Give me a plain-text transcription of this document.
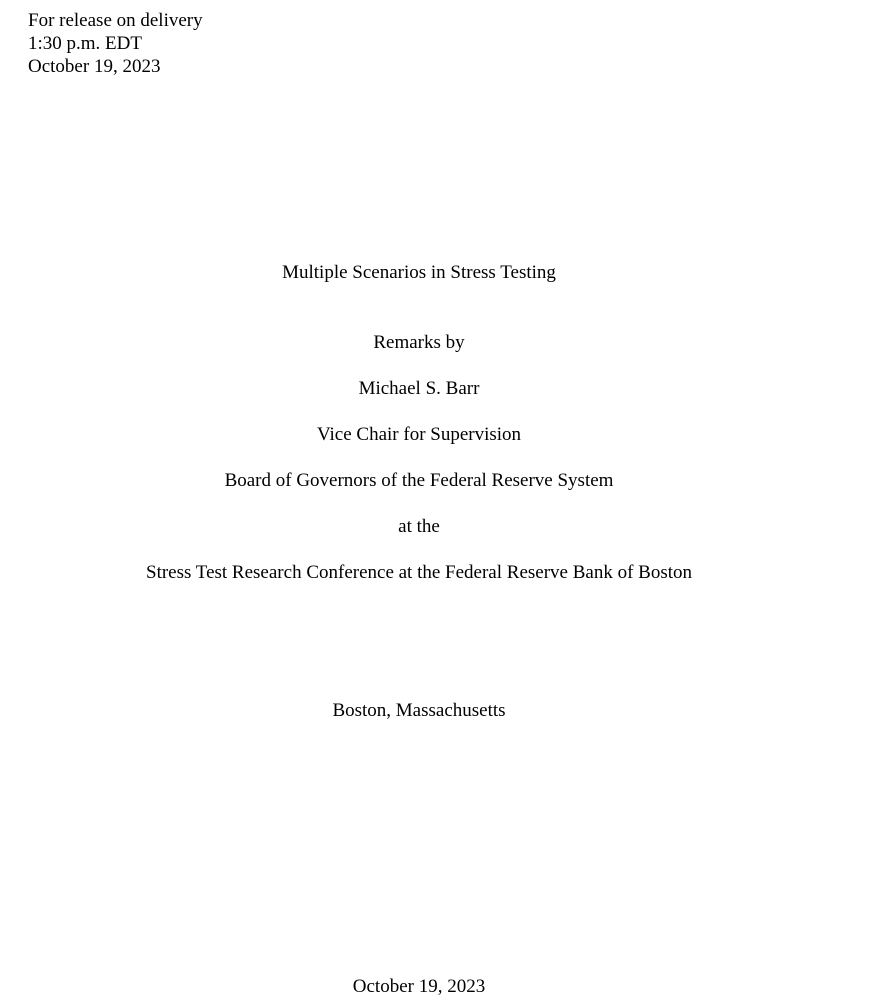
For release on delivery
1:30 p.m. EDT
October 19, 2023
Multiple Scenarios in Stress Testing
Remarks by
Michael S. Barr
Vice Chair for Supervision
Board of Governors of the Federal Reserve System
at the
Stress Test Research Conference at the Federal Reserve Bank of Boston
Boston, Massachusetts
October 19, 2023
